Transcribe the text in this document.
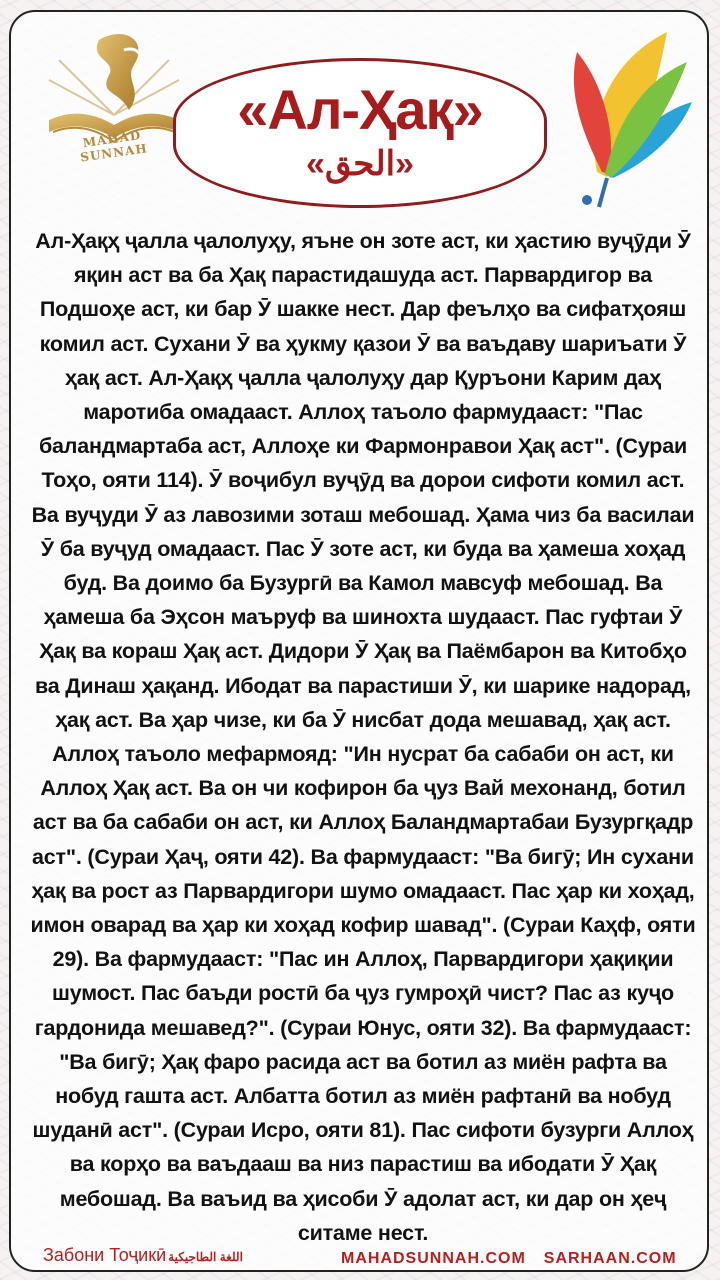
MAHAD SUNNAH
«Ал-Ҳақ»
«الحق»

Ал-Ҳақҳ ҷалла ҷалолуҳу, яъне он зоте аст, ки ҳастию вуҷӯди Ӯ яқин аст ва ба Ҳақ парастидашуда аст. Парвардигор ва Подшоҳе аст, ки бар Ӯ шакке нест. Дар феълҳо ва сифатҳояш комил аст. Сухани Ӯ ва ҳукму қазои Ӯ ва ваъдаву шариъати Ӯ ҳақ аст. Ал-Ҳақҳ ҷалла ҷалолуҳу дар Қуръони Карим даҳ маротиба омадааст. Аллоҳ таъоло фармудааст: "Пас баландмартаба аст, Аллоҳе ки Фармонравои Ҳақ аст". (Сураи Тоҳо, ояти 114). Ӯ воҷибул вуҷӯд ва дорои сифоти комил аст. Ва вуҷуди Ӯ аз лавозими зоташ мебошад. Ҳама чиз ба василаи Ӯ ба вуҷуд омадааст. Пас Ӯ зоте аст, ки буда ва ҳамеша хоҳад буд. Ва доимо ба Бузургӣ ва Камол мавсуф мебошад. Ва ҳамеша ба Эҳсон маъруф ва шинохта шудааст. Пас гуфтаи Ӯ Ҳақ ва кораш Ҳақ аст. Дидори Ӯ Ҳақ ва Паёмбарон ва Китобҳо ва Динаш ҳақанд. Ибодат ва парастиши Ӯ, ки шарике надорад, ҳақ аст. Ва ҳар чизе, ки ба Ӯ нисбат дода мешавад, ҳақ аст. Аллоҳ таъоло мефармояд: "Ин нусрат ба сабаби он аст, ки Аллоҳ Ҳақ аст. Ва он чи кофирон ба ҷуз Вай мехонанд, ботил аст ва ба сабаби он аст, ки Аллоҳ Баландмартабаи Бузургқадр аст". (Сураи Ҳаҷ, ояти 42). Ва фармудааст: "Ва бигӯ; Ин сухани ҳақ ва рост аз Парвардигори шумо омадааст. Пас ҳар ки хоҳад, имон оварад ва ҳар ки хоҳад кофир шавад". (Сураи Каҳф, ояти 29). Ва фармудааст: "Пас ин Аллоҳ, Парвардигори ҳақиқии шумост. Пас баъди ростӣ ба ҷуз гумроҳӣ чист? Пас аз куҷо гардонида мешавед?". (Сураи Юнус, ояти 32). Ва фармудааст: "Ва бигӯ; Ҳақ фаро расида аст ва ботил аз миён рафта ва нобуд гашта аст. Албатта ботил аз миён рафтанӣ ва нобуд шуданӣ аст". (Сураи Исро, ояти 81). Пас сифоти бузурги Аллоҳ ва корҳо ва ваъдааш ва низ парастиш ва ибодати Ӯ Ҳақ мебошад. Ва ваъид ва ҳисоби Ӯ адолат аст, ки дар он ҳеҷ ситаме нест.

Забони Тоҷикӣ اللغة الطاجيكية	MAHADSUNNAH.COM SARHAAN.COM
